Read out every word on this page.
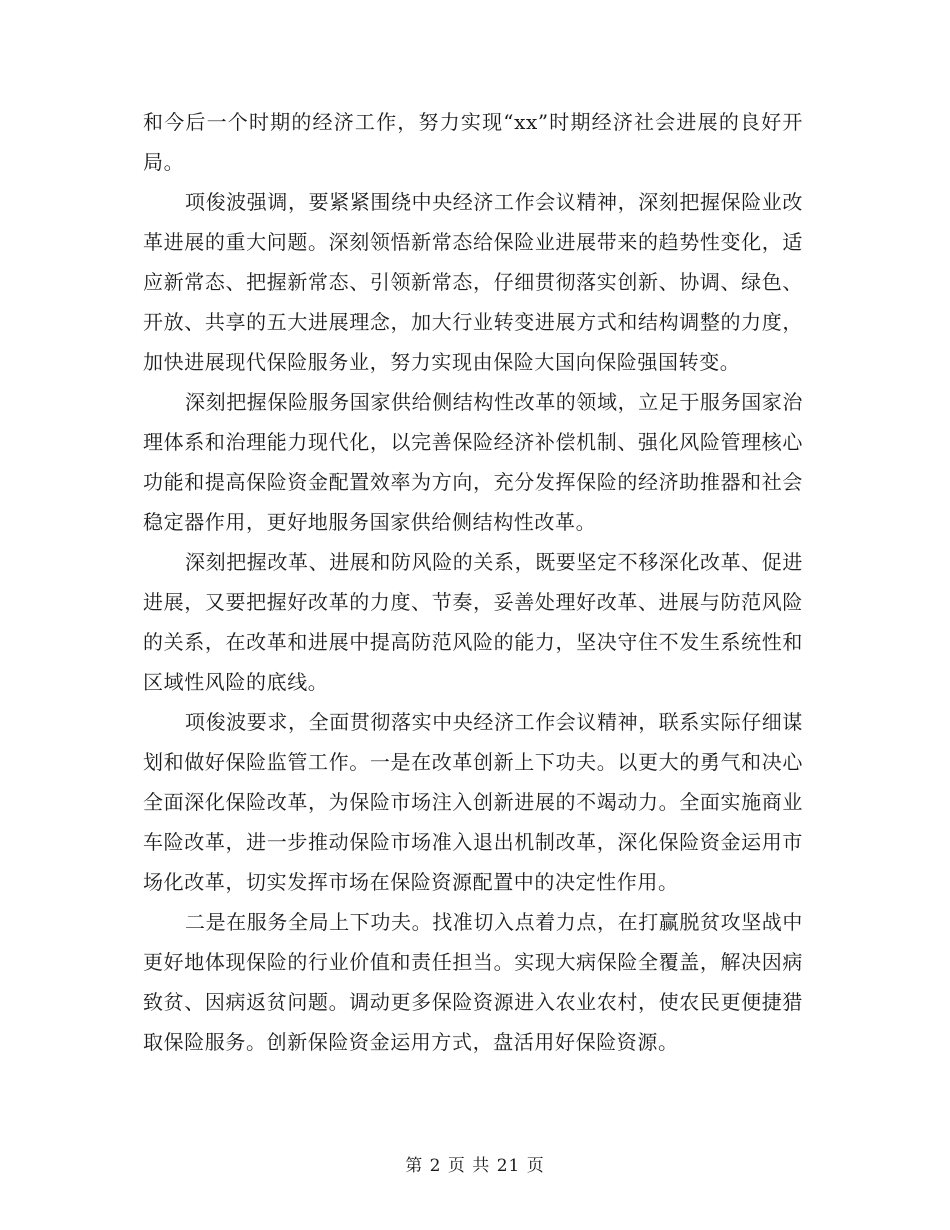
和今后一个时期的经济工作，努力实现“xx”时期经济社会进展的良好开局。

项俊波强调，要紧紧围绕中央经济工作会议精神，深刻把握保险业改革进展的重大问题。深刻领悟新常态给保险业进展带来的趋势性变化，适应新常态、把握新常态、引领新常态，仔细贯彻落实创新、协调、绿色、开放、共享的五大进展理念，加大行业转变进展方式和结构调整的力度，加快进展现代保险服务业，努力实现由保险大国向保险强国转变。

深刻把握保险服务国家供给侧结构性改革的领域，立足于服务国家治理体系和治理能力现代化，以完善保险经济补偿机制、强化风险管理核心功能和提高保险资金配置效率为方向，充分发挥保险的经济助推器和社会稳定器作用，更好地服务国家供给侧结构性改革。

深刻把握改革、进展和防风险的关系，既要坚定不移深化改革、促进进展，又要把握好改革的力度、节奏，妥善处理好改革、进展与防范风险的关系，在改革和进展中提高防范风险的能力，坚决守住不发生系统性和区域性风险的底线。

项俊波要求，全面贯彻落实中央经济工作会议精神，联系实际仔细谋划和做好保险监管工作。一是在改革创新上下功夫。以更大的勇气和决心全面深化保险改革，为保险市场注入创新进展的不竭动力。全面实施商业车险改革，进一步推动保险市场准入退出机制改革，深化保险资金运用市场化改革，切实发挥市场在保险资源配置中的决定性作用。

二是在服务全局上下功夫。找准切入点着力点，在打赢脱贫攻坚战中更好地体现保险的行业价值和责任担当。实现大病保险全覆盖，解决因病致贫、因病返贫问题。调动更多保险资源进入农业农村，使农民更便捷猎取保险服务。创新保险资金运用方式，盘活用好保险资源。

第 2 页 共 21 页
